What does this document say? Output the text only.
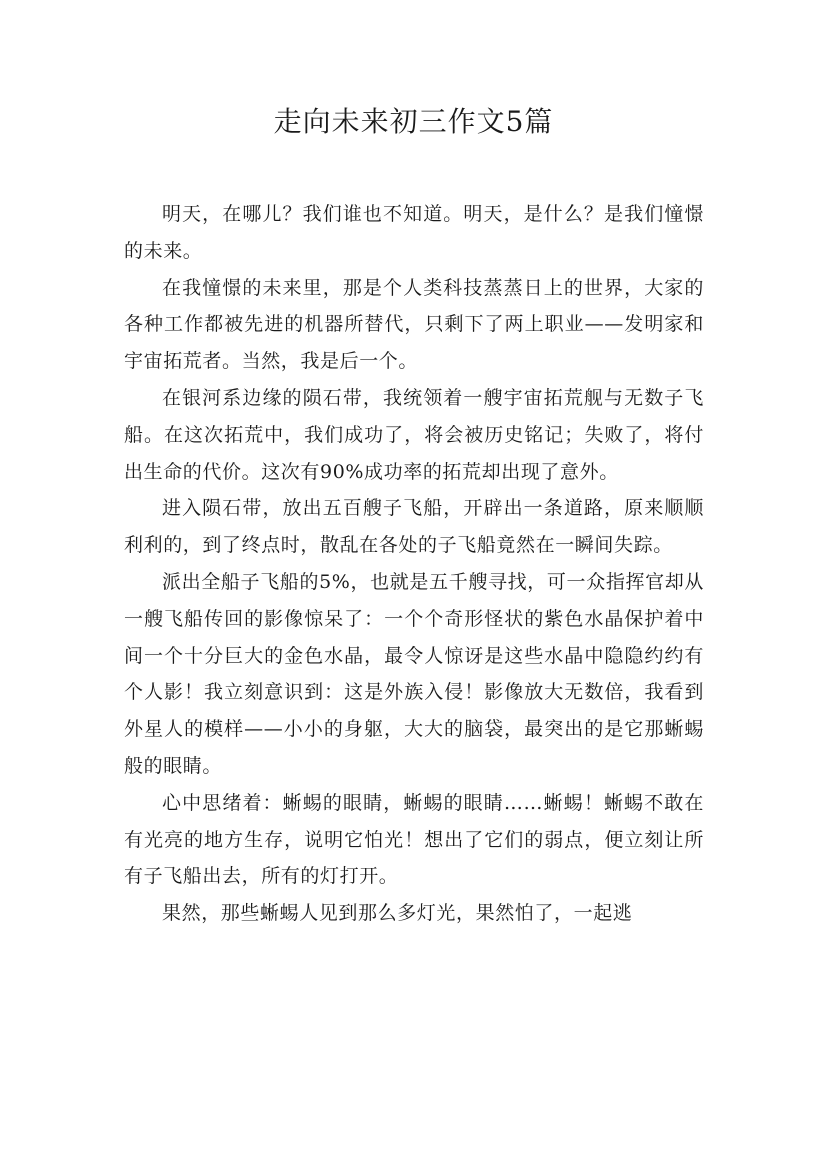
走向未来初三作文5篇

明天，在哪儿？我们谁也不知道。明天，是什么？是我们憧憬的未来。

在我憧憬的未来里，那是个人类科技蒸蒸日上的世界，大家的各种工作都被先进的机器所替代，只剩下了两上职业——发明家和宇宙拓荒者。当然，我是后一个。

在银河系边缘的陨石带，我统领着一艘宇宙拓荒舰与无数子飞船。在这次拓荒中，我们成功了，将会被历史铭记；失败了，将付出生命的代价。这次有90%成功率的拓荒却出现了意外。

进入陨石带，放出五百艘子飞船，开辟出一条道路，原来顺顺利利的，到了终点时，散乱在各处的子飞船竟然在一瞬间失踪。

派出全船子飞船的5%，也就是五千艘寻找，可一众指挥官却从一艘飞船传回的影像惊呆了：一个个奇形怪状的紫色水晶保护着中间一个十分巨大的金色水晶，最令人惊讶是这些水晶中隐隐约约有个人影！我立刻意识到：这是外族入侵！影像放大无数倍，我看到外星人的模样——小小的身躯，大大的脑袋，最突出的是它那蜥蜴般的眼睛。

心中思绪着：蜥蜴的眼睛，蜥蜴的眼睛……蜥蜴！蜥蜴不敢在有光亮的地方生存，说明它怕光！想出了它们的弱点，便立刻让所有子飞船出去，所有的灯打开。

果然，那些蜥蜴人见到那么多灯光，果然怕了，一起逃
